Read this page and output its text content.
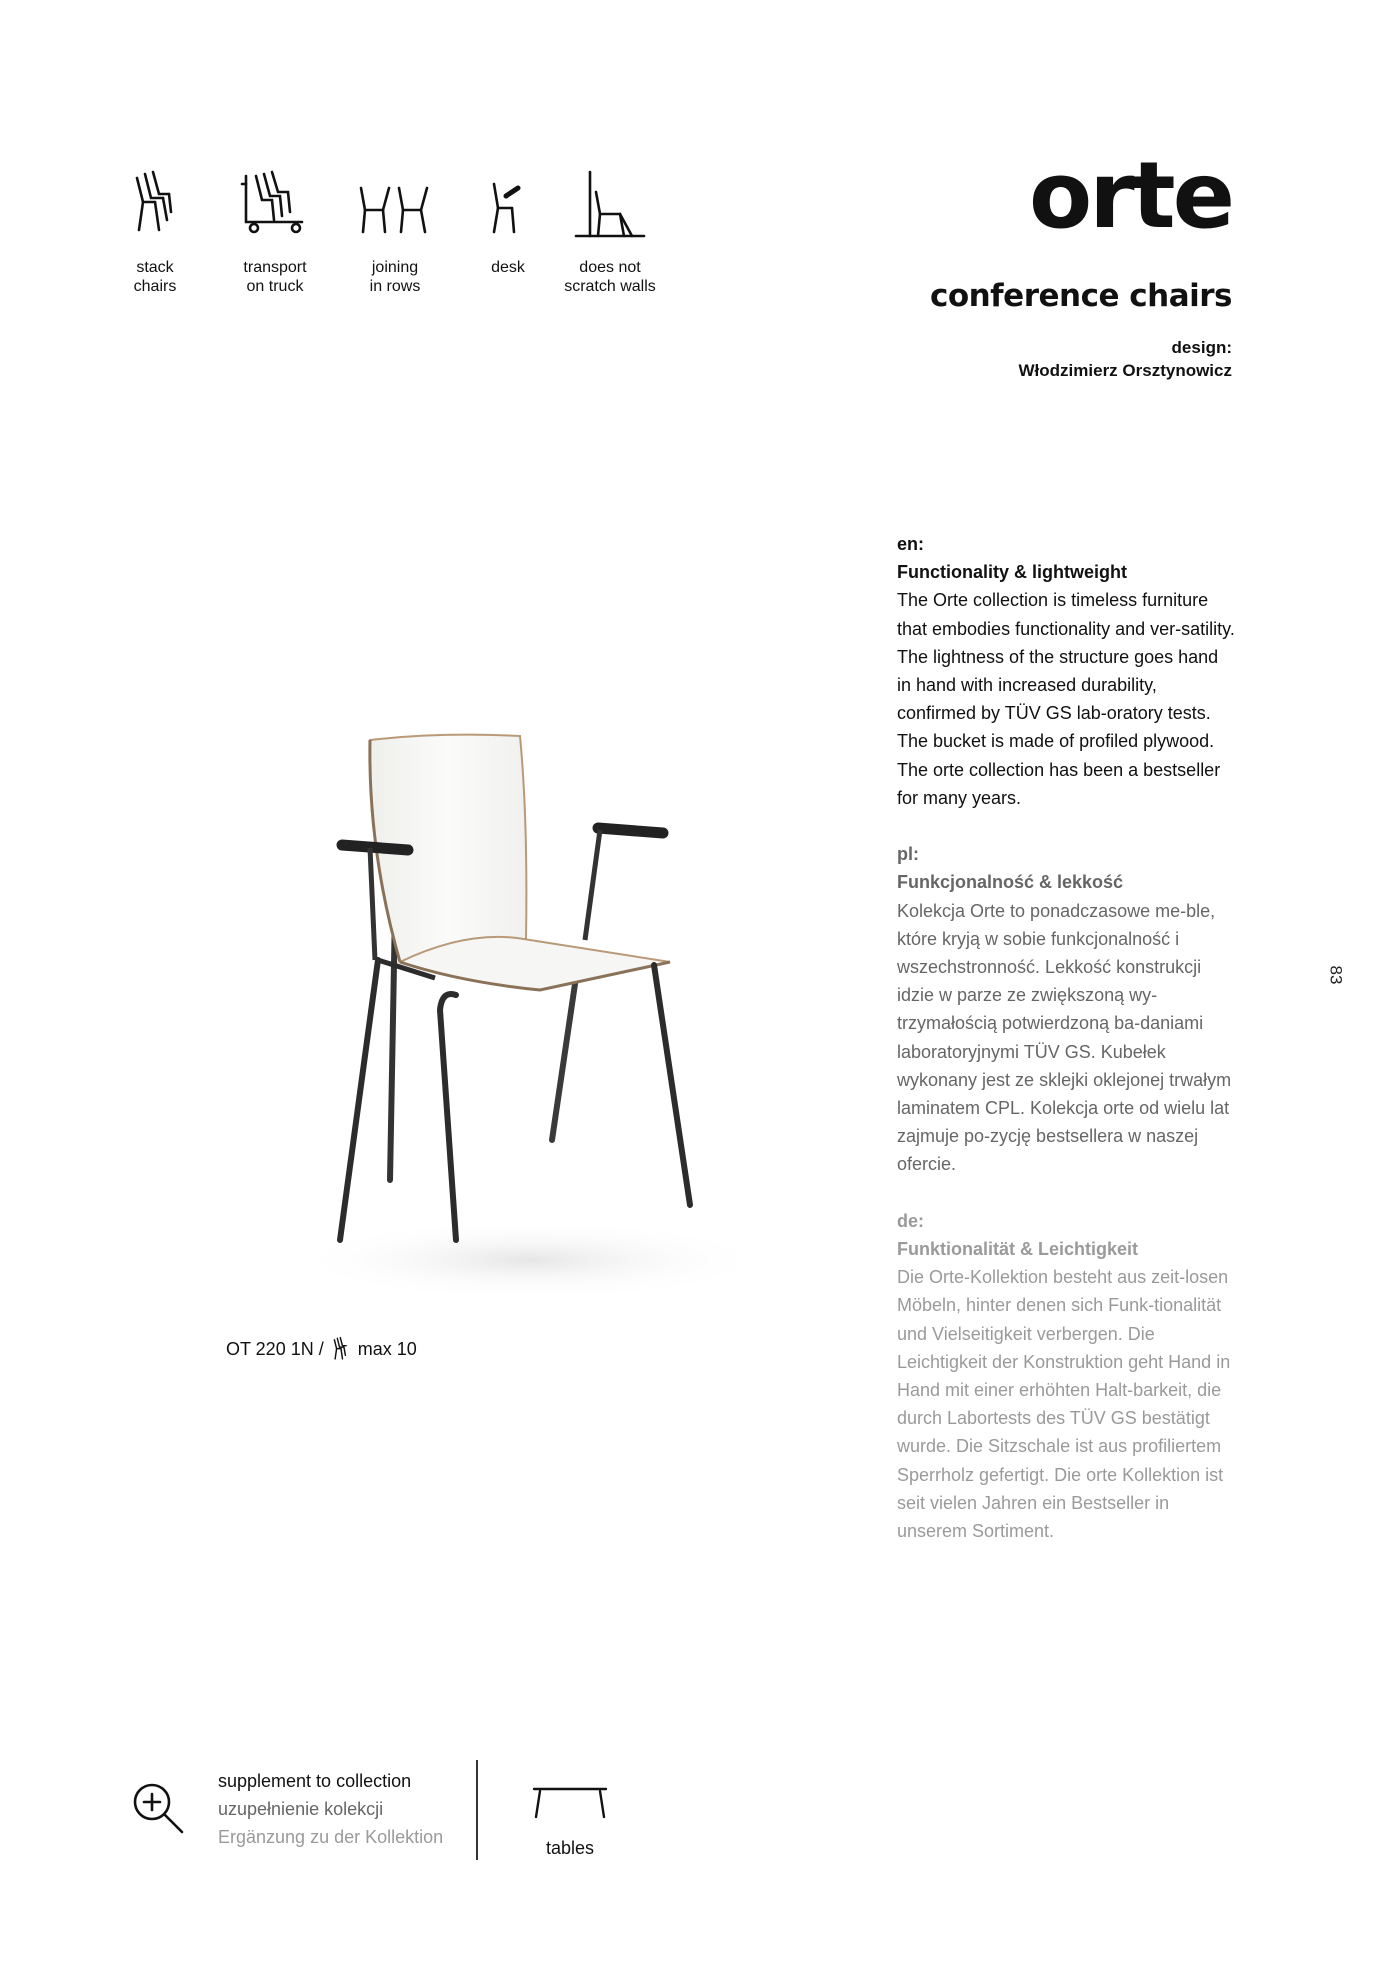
stack
chairs
transport
on truck
joining
in rows
desk	does not
scratch walls
orte
conference chairs
design:
Włodzimierz Orsztynowicz
OT 220 1N / max 10
en:
Functionality & lightweight
The Orte collection is timeless furniture that embodies functionality and ver-satility. The lightness of the structure goes hand in hand with increased durability, confirmed by TÜV GS lab-oratory tests. The bucket is made of profiled plywood. The orte collection has been a bestseller for many years.
pl:
Funkcjonalność & lekkość
Kolekcja Orte to ponadczasowe me-ble, które kryją w sobie funkcjonalność i wszechstronność. Lekkość konstrukcji idzie w parze ze zwiększoną wy-trzymałością potwierdzoną ba-daniami laboratoryjnymi TÜV GS. Kubełek wykonany jest ze sklejki oklejonej trwałym laminatem CPL. Kolekcja orte od wielu lat zajmuje po-zycję bestsellera w naszej ofercie.
de:
Funktionalität & Leichtigkeit
Die Orte-Kollektion besteht aus zeit-losen Möbeln, hinter denen sich Funk-tionalität und Vielseitigkeit verbergen. Die Leichtigkeit der Konstruktion geht Hand in Hand mit einer erhöhten Halt-barkeit, die durch Labortests des TÜV GS bestätigt wurde. Die Sitzschale ist aus profiliertem Sperrholz gefertigt. Die orte Kollektion ist seit vielen Jahren ein Bestseller in unserem Sortiment.
83
supplement to collection
uzupełnienie kolekcji
Ergänzung zu der Kollektion
tables
